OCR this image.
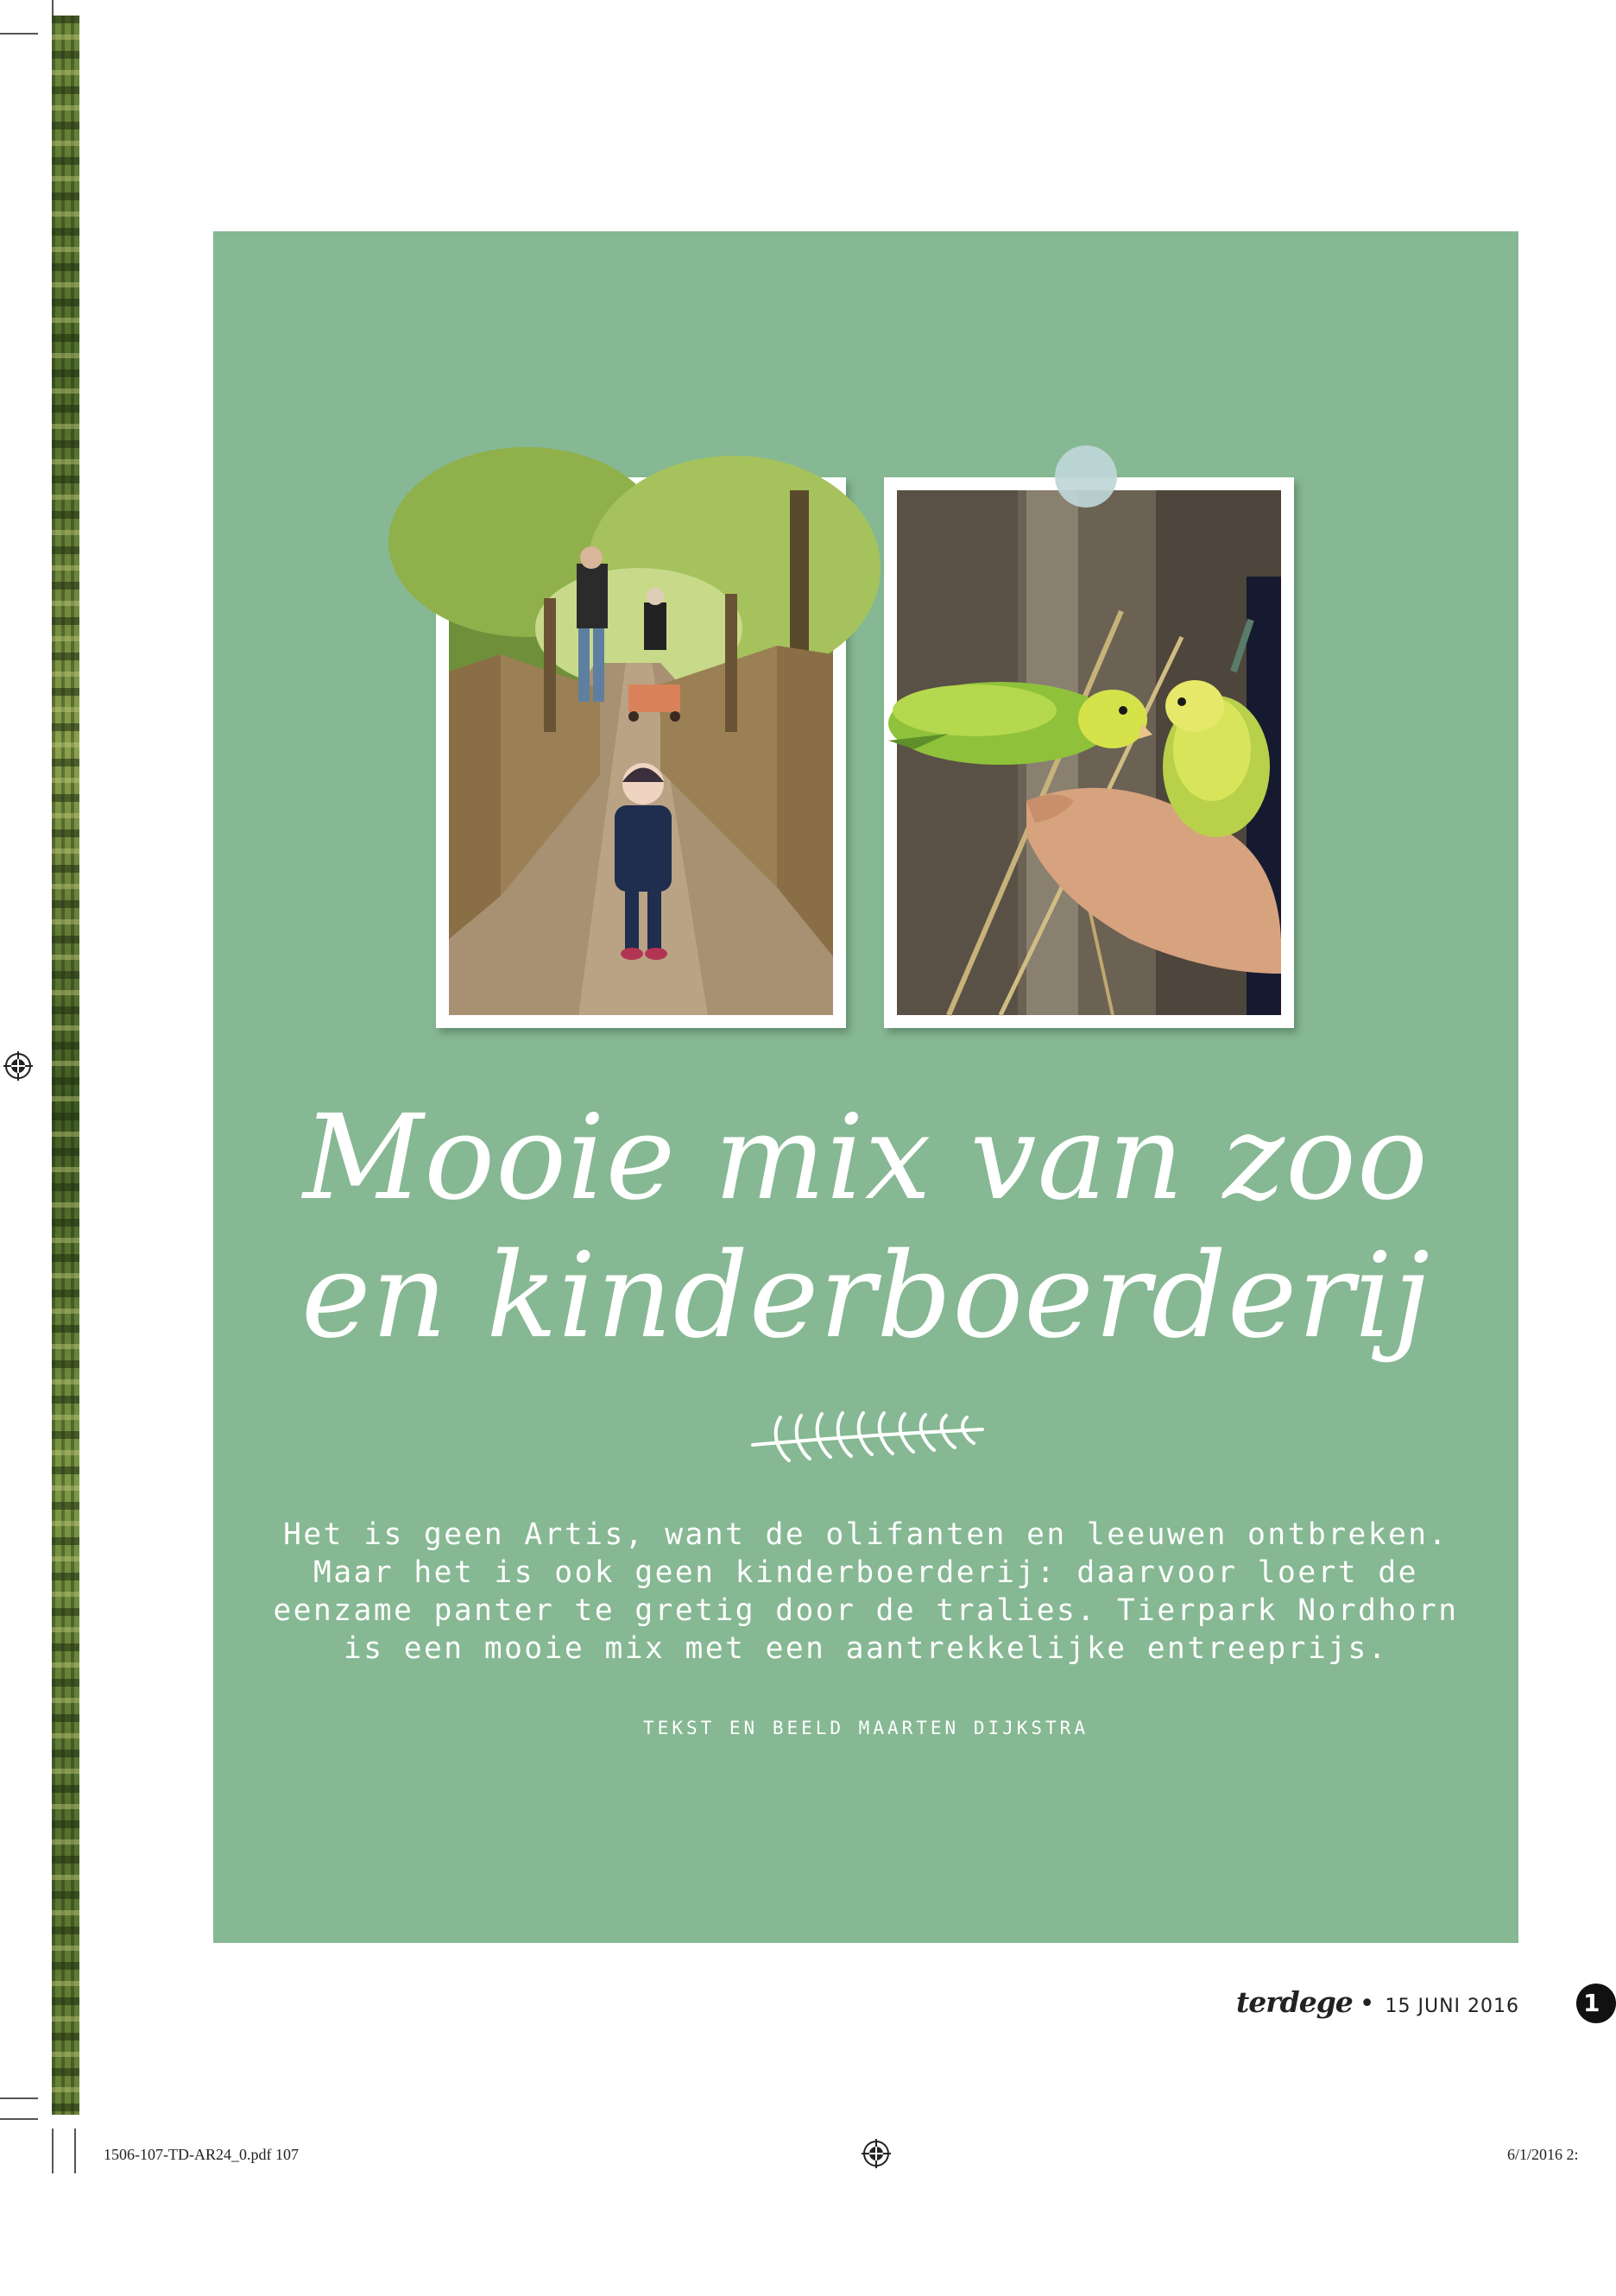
Mooie mix van zoo
en kinderboerderij
Het is geen Artis, want de olifanten en leeuwen ontbreken.
Maar het is ook geen kinderboerderij: daarvoor loert de
eenzame panter te gretig door de tralies. Tierpark Nordhorn
is een mooie mix met een aantrekkelijke entreeprijs.
TEKST EN BEELD MAARTEN DIJKSTRA
terdege • 15 JUNI 2016	1
1506-107-TD-AR24_0.pdf 107	6/1/2016 2:
